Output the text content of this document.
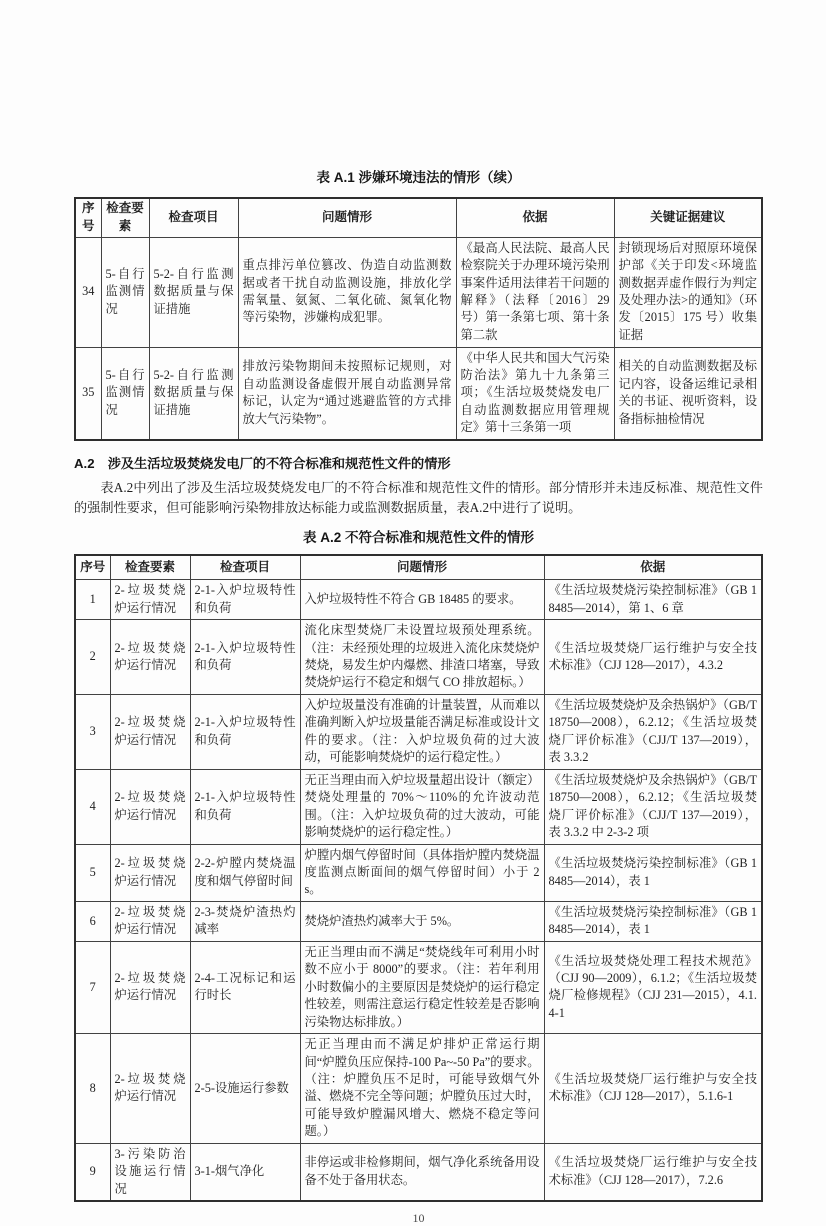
表 A.1 涉嫌环境违法的情形（续）
序号	检查要素	检查项目	问题情形	依据	关键证据建议
34	5-自行监测情况	5-2-自行监测数据质量与保证措施	重点排污单位篡改、伪造自动监测数据或者干扰自动监测设施，排放化学需氧量、氨氮、二氧化硫、氮氧化物等污染物，涉嫌构成犯罪。	《最高人民法院、最高人民检察院关于办理环境污染刑事案件适用法律若干问题的解释》（法释〔2016〕29 号）第一条第七项、第十条第二款	封锁现场后对照原环境保护部《关于印发<环境监测数据弄虚作假行为判定及处理办法>的通知》（环发〔2015〕175 号）收集证据
35	5-自行监测情况	5-2-自行监测数据质量与保证措施	排放污染物期间未按照标记规则，对自动监测设备虚假开展自动监测异常标记，认定为“通过逃避监管的方式排放大气污染物”。	《中华人民共和国大气污染防治法》第九十九条第三项；《生活垃圾焚烧发电厂自动监测数据应用管理规定》第十三条第一项	相关的自动监测数据及标记内容，设备运维记录相关的书证、视听资料，设备指标抽检情况
A.2　涉及生活垃圾焚烧发电厂的不符合标准和规范性文件的情形
表A.2中列出了涉及生活垃圾焚烧发电厂的不符合标准和规范性文件的情形。部分情形并未违反标准、规范性文件的强制性要求，但可能影响污染物排放达标能力或监测数据质量，表A.2中进行了说明。
表 A.2 不符合标准和规范性文件的情形
序号	检查要素	检查项目	问题情形	依据
1	2-垃圾焚烧炉运行情况	2-1-入炉垃圾特性和负荷	入炉垃圾特性不符合 GB 18485 的要求。	《生活垃圾焚烧污染控制标准》（GB 18485—2014），第 1、6 章
2	2-垃圾焚烧炉运行情况	2-1-入炉垃圾特性和负荷	流化床型焚烧厂未设置垃圾预处理系统。（注：未经预处理的垃圾进入流化床焚烧炉焚烧，易发生炉内爆燃、排渣口堵塞，导致焚烧炉运行不稳定和烟气 CO 排放超标。）	《生活垃圾焚烧厂运行维护与安全技术标准》（CJJ 128—2017），4.3.2
3	2-垃圾焚烧炉运行情况	2-1-入炉垃圾特性和负荷	入炉垃圾量没有准确的计量装置，从而难以准确判断入炉垃圾量能否满足标准或设计文件的要求。（注：入炉垃圾负荷的过大波动，可能影响焚烧炉的运行稳定性。）	《生活垃圾焚烧炉及余热锅炉》（GB/T 18750—2008），6.2.12；《生活垃圾焚烧厂评价标准》（CJJ/T 137—2019），表 3.3.2
4	2-垃圾焚烧炉运行情况	2-1-入炉垃圾特性和负荷	无正当理由而入炉垃圾量超出设计（额定）焚烧处理量的 70%～110%的允许波动范围。（注：入炉垃圾负荷的过大波动，可能影响焚烧炉的运行稳定性。）	《生活垃圾焚烧炉及余热锅炉》（GB/T 18750—2008），6.2.12；《生活垃圾焚烧厂评价标准》（CJJ/T 137—2019），表 3.3.2 中 2-3-2 项
5	2-垃圾焚烧炉运行情况	2-2-炉膛内焚烧温度和烟气停留时间	炉膛内烟气停留时间（具体指炉膛内焚烧温度监测点断面间的烟气停留时间）小于 2 s。	《生活垃圾焚烧污染控制标准》（GB 18485—2014），表 1
6	2-垃圾焚烧炉运行情况	2-3-焚烧炉渣热灼减率	焚烧炉渣热灼减率大于 5%。	《生活垃圾焚烧污染控制标准》（GB 18485—2014），表 1
7	2-垃圾焚烧炉运行情况	2-4-工况标记和运行时长	无正当理由而不满足“焚烧线年可利用小时数不应小于 8000”的要求。（注：若年利用小时数偏小的主要原因是焚烧炉的运行稳定性较差，则需注意运行稳定性较差是否影响污染物达标排放。）	《生活垃圾焚烧处理工程技术规范》（CJJ 90—2009），6.1.2；《生活垃圾焚烧厂检修规程》（CJJ 231—2015），4.1.4-1
8	2-垃圾焚烧炉运行情况	2-5-设施运行参数	无正当理由而不满足炉排炉正常运行期间“炉膛负压应保持-100 Pa~-50 Pa”的要求。（注：炉膛负压不足时，可能导致烟气外溢、燃烧不完全等问题；炉膛负压过大时，可能导致炉膛漏风增大、燃烧不稳定等问题。）	《生活垃圾焚烧厂运行维护与安全技术标准》（CJJ 128—2017），5.1.6-1
9	3-污染防治设施运行情况	3-1-烟气净化	非停运或非检修期间，烟气净化系统备用设备不处于备用状态。	《生活垃圾焚烧厂运行维护与安全技术标准》（CJJ 128—2017），7.2.6
10
